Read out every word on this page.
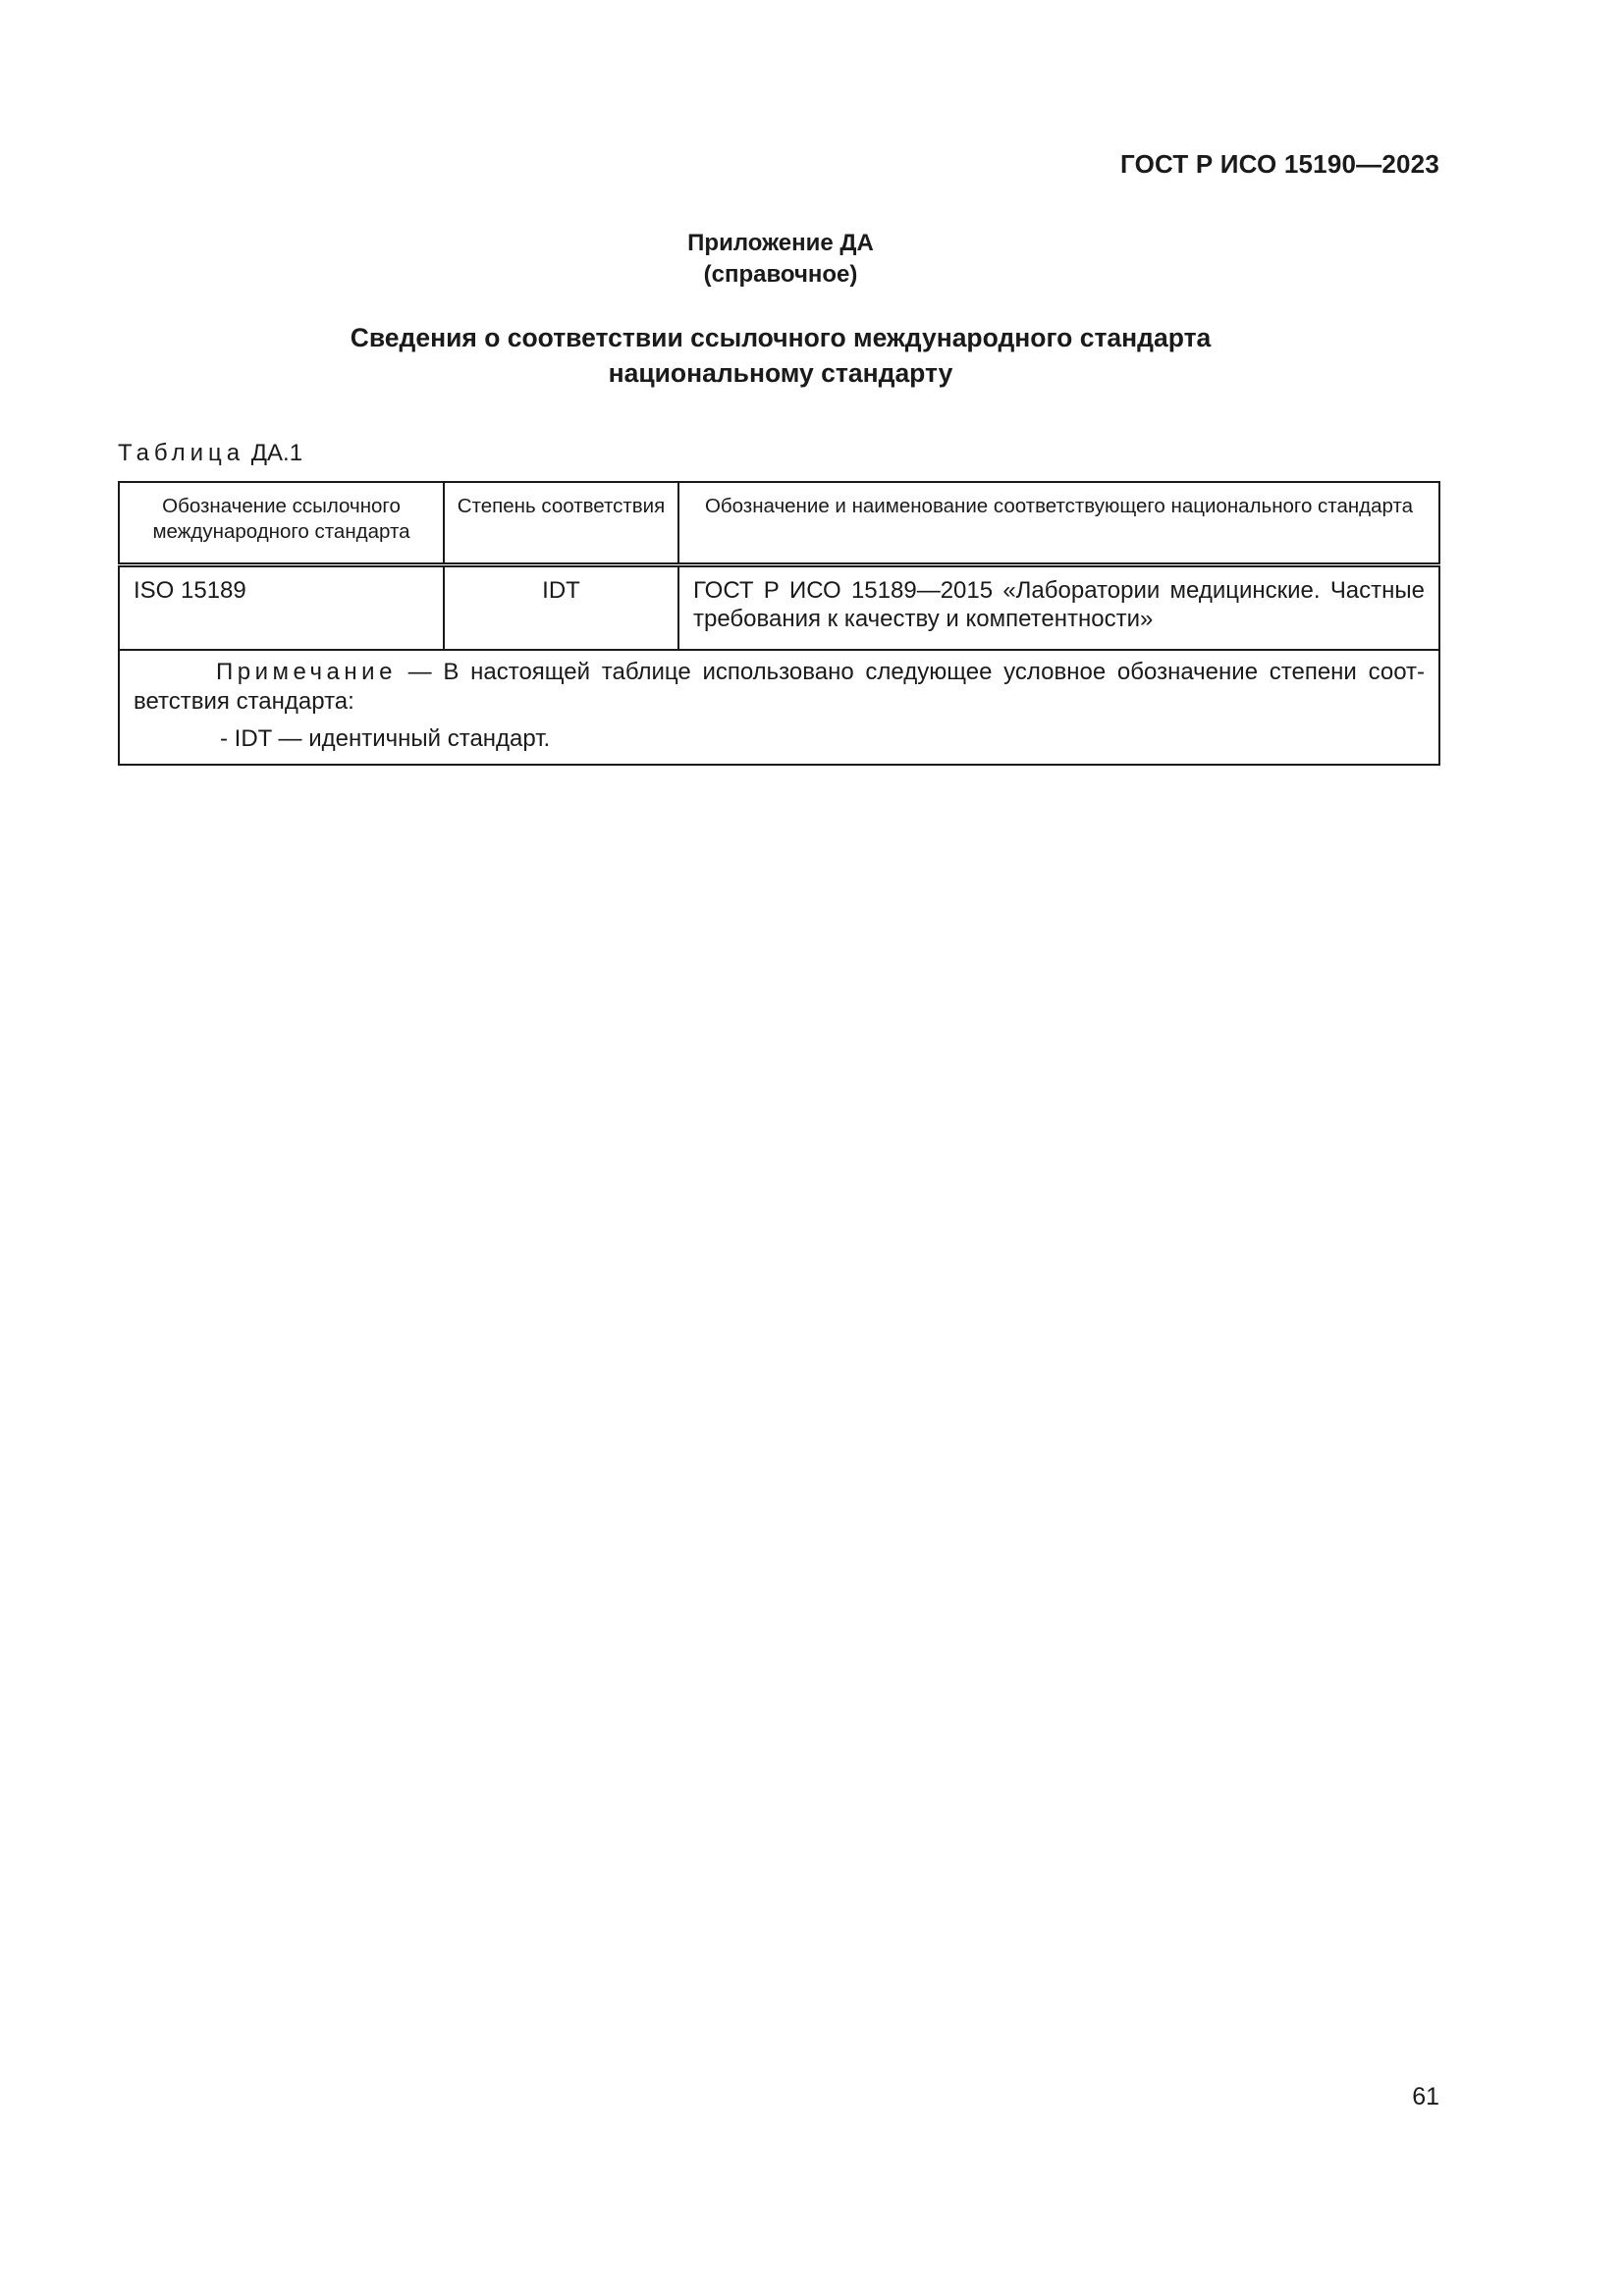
ГОСТ Р ИСО 15190—2023
Приложение ДА
(справочное)
Сведения о соответствии ссылочного международного стандарта
национальному стандарту
Таблица ДА.1
Обозначение ссылочного международного стандарта	Степень соответствия	Обозначение и наименование соответствующего национального стандарта
ISO 15189	IDT	ГОСТ Р ИСО 15189—2015 «Лаборатории медицинские. Частные требования к качеству и компетентности»

Примечание — В настоящей таблице использовано следующее условное обозначение степени соответствия стандарта:
- IDT — идентичный стандарт.		
61
